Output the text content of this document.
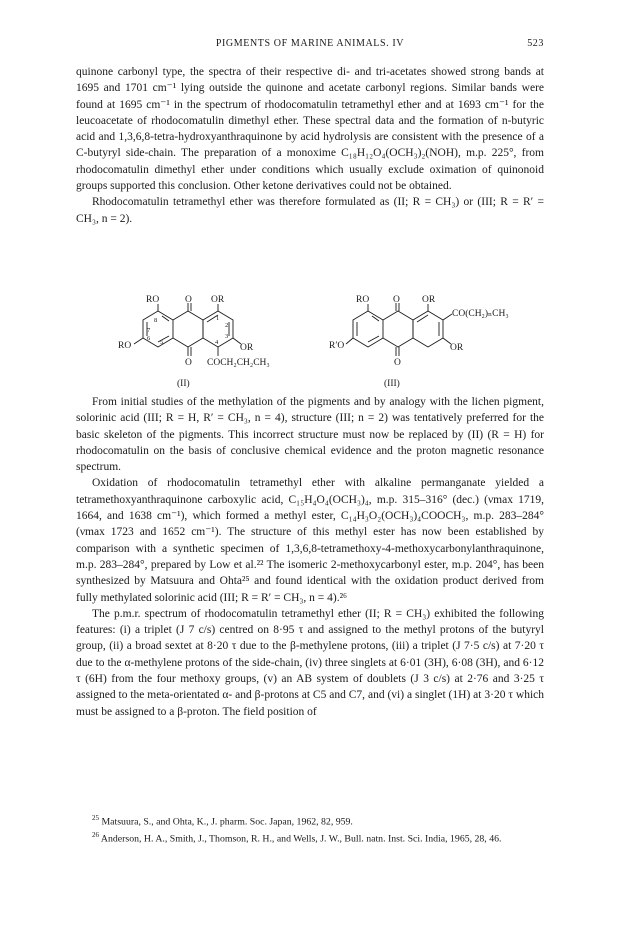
PIGMENTS OF MARINE ANIMALS. IV	523

quinone carbonyl type, the spectra of their respective di- and tri-acetates showed strong bands at 1695 and 1701 cm⁻¹ lying outside the quinone and acetate carbonyl regions. Similar bands were found at 1695 cm⁻¹ in the spectrum of rhodocomatulin tetramethyl ether and at 1693 cm⁻¹ for the leucoacetate of rhodocomatulin dimethyl ether. These spectral data and the formation of n-butyric acid and 1,3,6,8-tetra-hydroxyanthraquinone by acid hydrolysis are consistent with the presence of a C-butyryl side-chain. The preparation of a monoxime C₁₈H₁₂O₄(OCH₃)₂(NOH), m.p. 225°, from rhodocomatulin dimethyl ether under conditions which usually exclude oximation of quinonoid groups supported this conclusion. Other ketone derivatives could not be obtained.

Rhodocomatulin tetramethyl ether was therefore formulated as (II; R = CH₃) or (III; R = R′ = CH₃, n = 2).

RO	O OR
RO	OR
O COCH₂CH₂CH₃
(II)
8
7
6
5
1
2
3
4
RO	O OR
CO(CH₂)ₙCH₃
R′O	OR
O
(III)

From initial studies of the methylation of the pigments and by analogy with the lichen pigment, solorinic acid (III; R = H, R′ = CH₃, n = 4), structure (III; n = 2) was tentatively preferred for the basic skeleton of the pigments. This incorrect structure must now be replaced by (II) (R = H) for rhodocomatulin on the basis of conclusive chemical evidence and the proton magnetic resonance spectrum.

Oxidation of rhodocomatulin tetramethyl ether with alkaline permanganate yielded a tetramethoxyanthraquinone carboxylic acid, C₁₅H₄O₄(OCH₃)₄, m.p. 315–316° (dec.) (νmax 1719, 1664, and 1638 cm⁻¹), which formed a methyl ester, C₁₄H₃O₂(OCH₃)₄COOCH₃, m.p. 283–284° (νmax 1723 and 1652 cm⁻¹). The structure of this methyl ester has now been established by comparison with a synthetic specimen of 1,3,6,8-tetramethoxy-4-methoxycarbonylanthraquinone, m.p. 283–284°, prepared by Low et al.²² The isomeric 2-methoxycarbonyl ester, m.p. 204°, has been synthesized by Matsuura and Ohta²⁵ and found identical with the oxidation product derived from fully methylated solorinic acid (III; R = R′ = CH₃, n = 4).²⁶

The p.m.r. spectrum of rhodocomatulin tetramethyl ether (II; R = CH₃) exhibited the following features: (i) a triplet (J 7 c/s) centred on 8·95 τ and assigned to the methyl protons of the butyryl group, (ii) a broad sextet at 8·20 τ due to the β-methylene protons, (iii) a triplet (J 7·5 c/s) at 7·20 τ due to the α-methylene protons of the side-chain, (iv) three singlets at 6·01 (3H), 6·08 (3H), and 6·12 τ (6H) from the four methoxy groups, (v) an AB system of doublets (J 3 c/s) at 2·76 and 3·25 τ assigned to the meta-orientated α- and β-protons at C5 and C7, and (vi) a singlet (1H) at 3·20 τ which must be assigned to a β-proton. The field position of

$^{25}$ Matsuura, S., and Ohta, K., J. pharm. Soc. Japan, 1962, 82, 959.

$^{26}$ Anderson, H. A., Smith, J., Thomson, R. H., and Wells, J. W., Bull. natn. Inst. Sci. India, 1965, 28, 46.
